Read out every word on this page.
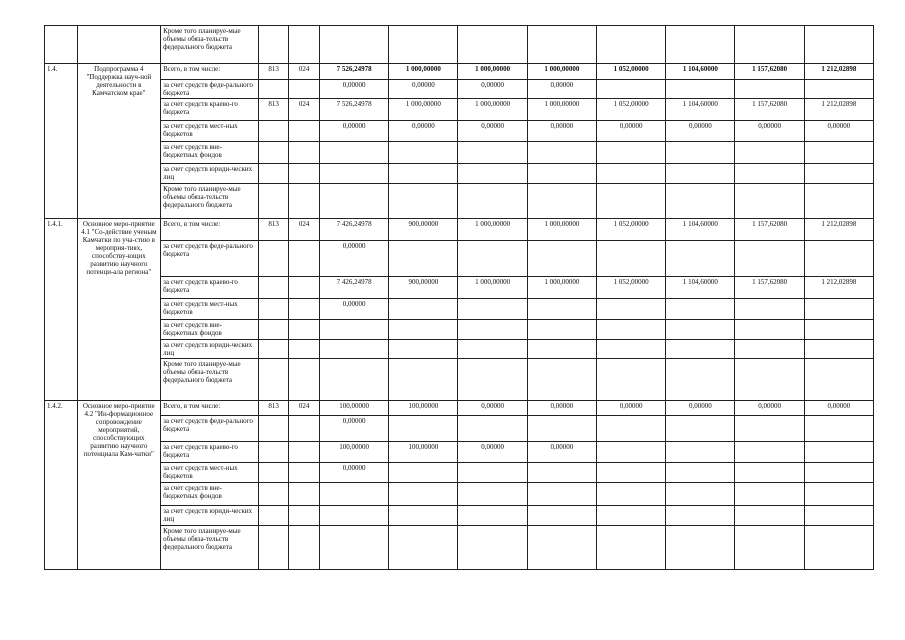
		Кроме того планируе-мые объемы обяза-тельств федерального бюджета										
1.4.	Подпрограмма 4 "Поддержка науч-ной деятельности в Камчатском крае"	Всего, в том числе:	813	024	7 526,24978	1 000,00000	1 000,00000	1 000,00000	1 052,00000	1 104,60000	1 157,62080	1 212,02898
		за счет средств феде-рального бюджета			0,00000	0,00000	0,00000	0,00000				
		за счет средств краево-го бюджета	813	024	7 526,24978	1 000,00000	1 000,00000	1 000,00000	1 052,00000	1 104,60000	1 157,62080	1 212,02898
		за счет средств мест-ных бюджетов			0,00000	0,00000	0,00000	0,00000	0,00000	0,00000	0,00000	0,00000
		за счет средств вне-бюджетных фондов										
		за счет средств юриди-ческих лиц										
		Кроме того планируе-мые объемы обяза-тельств федерального бюджета										
1.4.1.	Основное меро-приятие 4.1 "Со-действие ученым Камчатки по уча-стию в мероприя-тиях, способству-ющих развитию научного потенци-ала региона"	Всего, в том числе:	813	024	7 426,24978	900,00000	1 000,00000	1 000,00000	1 052,00000	1 104,60000	1 157,62080	1 212,02898
		за счет средств феде-рального бюджета			0,00000							
		за счет средств краево-го бюджета			7 426,24978	900,00000	1 000,00000	1 000,00000	1 052,00000	1 104,60000	1 157,62080	1 212,02898
		за счет средств мест-ных бюджетов			0,00000							
		за счет средств вне-бюджетных фондов										
		за счет средств юриди-ческих лиц										
		Кроме того планируе-мые объемы обяза-тельств федерального бюджета										
1.4.2.	Основное меро-приятие 4.2 "Ин-формационное сопровождение мероприятий, способствующих развитию научного потенциала Кам-чатки"	Всего, в том числе:	813	024	100,00000	100,00000	0,00000	0,00000	0,00000	0,00000	0,00000	0,00000
		за счет средств феде-рального бюджета			0,00000							
		за счет средств краево-го бюджета			100,00000	100,00000	0,00000	0,00000				
		за счет средств мест-ных бюджетов			0,00000							
		за счет средств вне-бюджетных фондов										
		за счет средств юриди-ческих лиц										
		Кроме того планируе-мые объемы обяза-тельств федерального бюджета										
